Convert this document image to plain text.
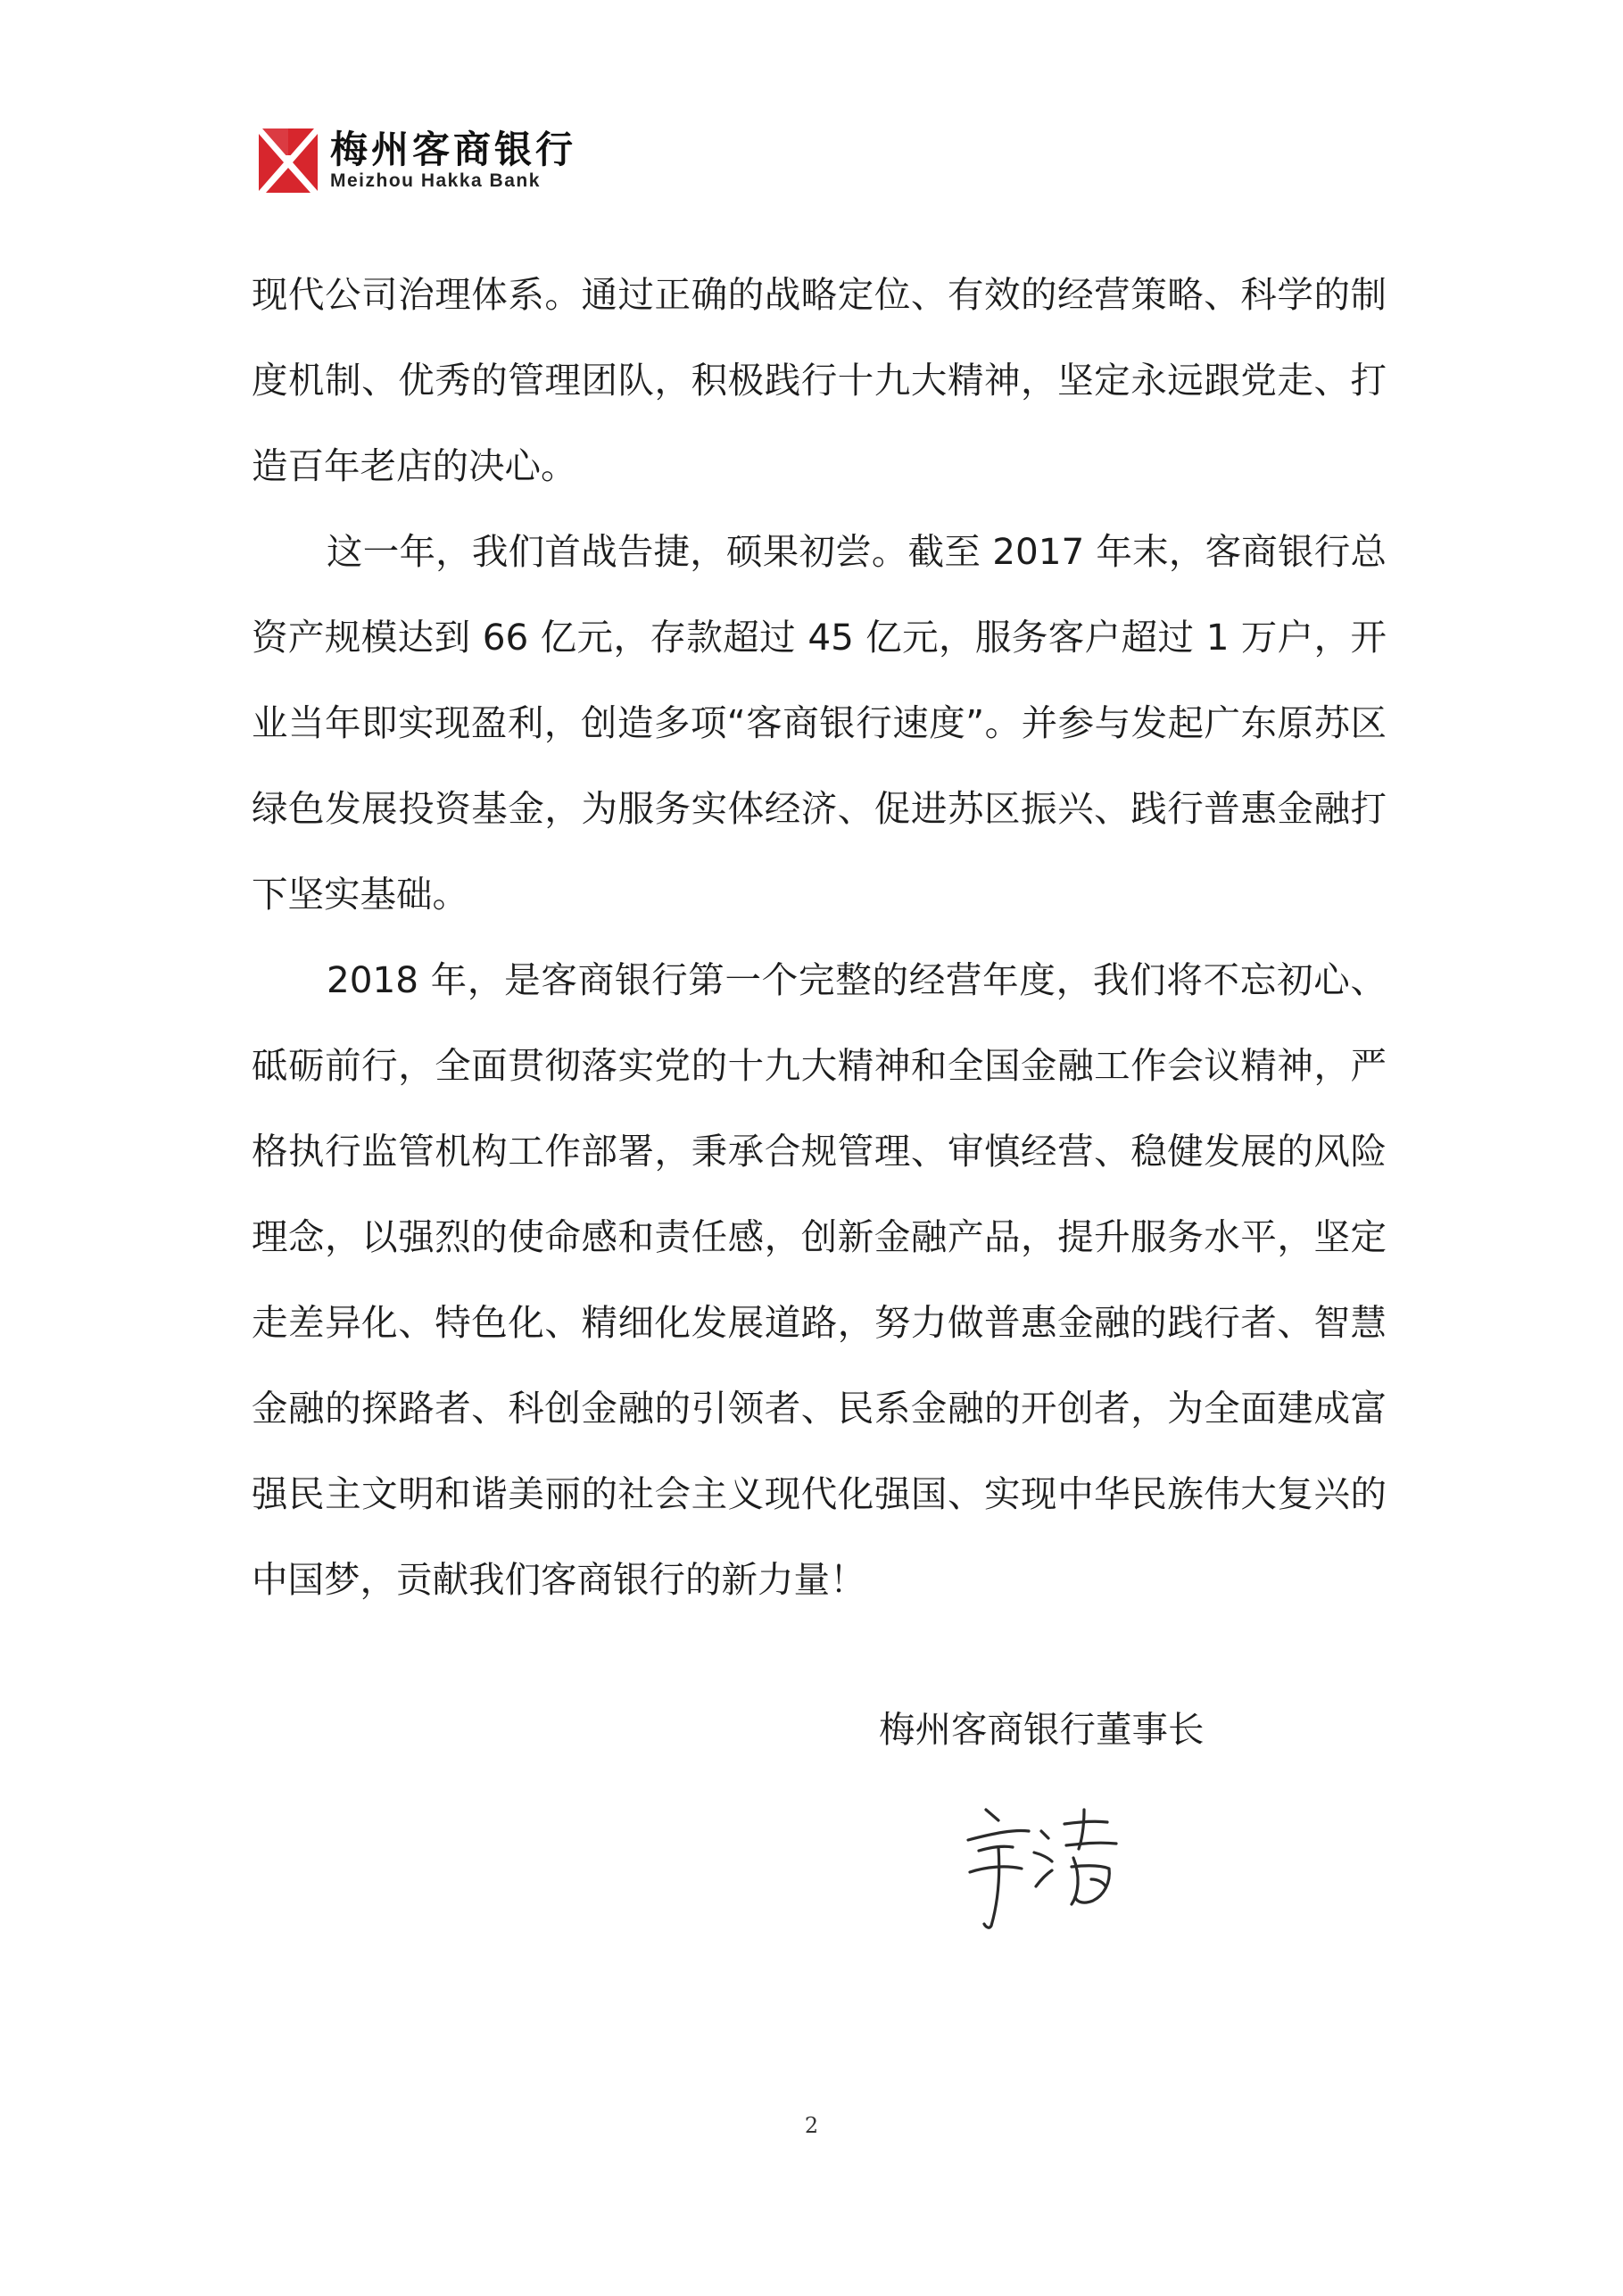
梅州客商银行
Meizhou Hakka Bank

现代公司治理体系。通过正确的战略定位、有效的经营策略、科学的制度机制、优秀的管理团队，积极践行十九大精神，坚定永远跟党走、打造百年老店的决心。

这一年，我们首战告捷，硕果初尝。截至 2017 年末，客商银行总资产规模达到 66 亿元，存款超过 45 亿元，服务客户超过 1 万户，开业当年即实现盈利，创造多项“客商银行速度”。并参与发起广东原苏区绿色发展投资基金，为服务实体经济、促进苏区振兴、践行普惠金融打下坚实基础。

2018 年，是客商银行第一个完整的经营年度，我们将不忘初心、砥砺前行，全面贯彻落实党的十九大精神和全国金融工作会议精神，严格执行监管机构工作部署，秉承合规管理、审慎经营、稳健发展的风险理念，以强烈的使命感和责任感，创新金融产品，提升服务水平，坚定走差异化、特色化、精细化发展道路，努力做普惠金融的践行者、智慧金融的探路者、科创金融的引领者、民系金融的开创者，为全面建成富强民主文明和谐美丽的社会主义现代化强国、实现中华民族伟大复兴的中国梦，贡献我们客商银行的新力量！

梅州客商银行董事长
2
